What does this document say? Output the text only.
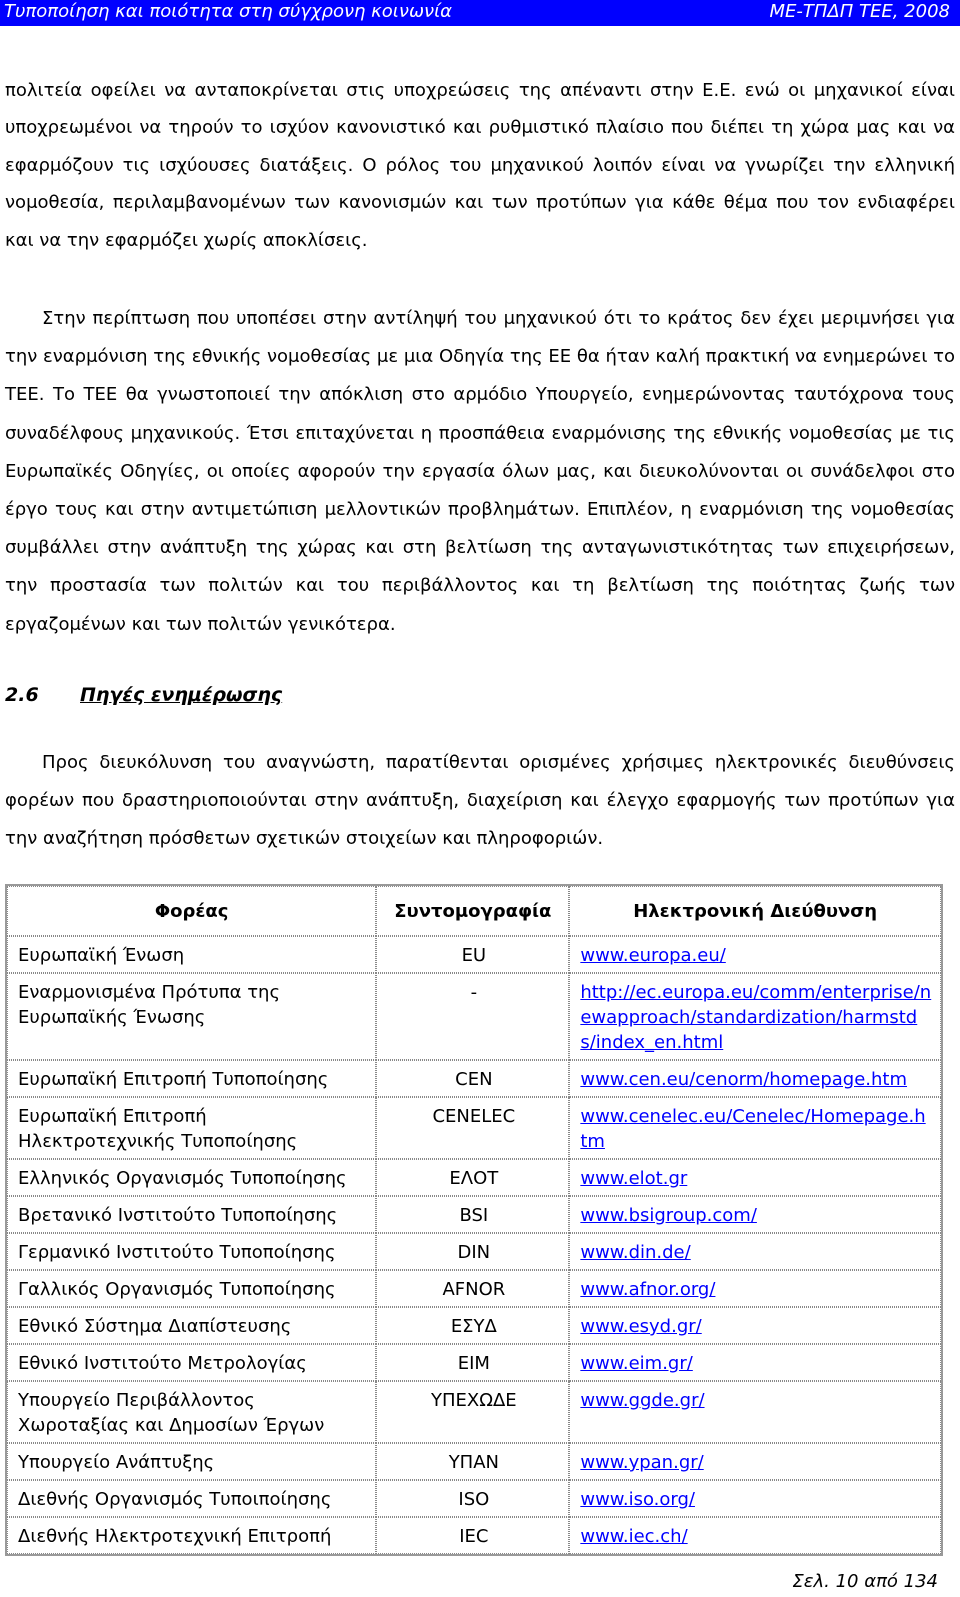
Τυποποίηση και ποιότητα στη σύγχρονη κοινωνία	ΜΕ-ΤΠΔΠ ΤΕΕ, 2008

πολιτεία οφείλει να ανταποκρίνεται στις υποχρεώσεις της απέναντι στην Ε.Ε. ενώ οι μηχανικοί είναι υποχρεωμένοι να τηρούν το ισχύον κανονιστικό και ρυθμιστικό πλαίσιο που διέπει τη χώρα μας και να εφαρμόζουν τις ισχύουσες διατάξεις. Ο ρόλος του μηχανικού λοιπόν είναι να γνωρίζει την ελληνική νομοθεσία, περιλαμβανομένων των κανονισμών και των προτύπων για κάθε θέμα που τον ενδιαφέρει και να την εφαρμόζει χωρίς αποκλίσεις.

Στην περίπτωση που υποπέσει στην αντίληψή του μηχανικού ότι το κράτος δεν έχει μεριμνήσει για την εναρμόνιση της εθνικής νομοθεσίας με μια Οδηγία της ΕΕ θα ήταν καλή πρακτική να ενημερώνει το ΤΕΕ. Το ΤΕΕ θα γνωστοποιεί την απόκλιση στο αρμόδιο Υπουργείο, ενημερώνοντας ταυτόχρονα τους συναδέλφους μηχανικούς. Έτσι επιταχύνεται η προσπάθεια εναρμόνισης της εθνικής νομοθεσίας με τις Ευρωπαϊκές Οδηγίες, οι οποίες αφορούν την εργασία όλων μας, και διευκολύνονται οι συνάδελφοι στο έργο τους και στην αντιμετώπιση μελλοντικών προβλημάτων. Επιπλέον, η εναρμόνιση της νομοθεσίας συμβάλλει στην ανάπτυξη της χώρας και στη βελτίωση της ανταγωνιστικότητας των επιχειρήσεων, την προστασία των πολιτών και του περιβάλλοντος και τη βελτίωση της ποιότητας ζωής των εργαζομένων και των πολιτών γενικότερα.

2.6 Πηγές ενημέρωσης

Προς διευκόλυνση του αναγνώστη, παρατίθενται ορισμένες χρήσιμες ηλεκτρονικές διευθύνσεις φορέων που δραστηριοποιούνται στην ανάπτυξη, διαχείριση και έλεγχο εφαρμογής των προτύπων για την αναζήτηση πρόσθετων σχετικών στοιχείων και πληροφοριών.

Φορέας	Συντομογραφία	Ηλεκτρονική Διεύθυνση
Ευρωπαϊκή Ένωση	EU	www.europa.eu/
Εναρμονισμένα Πρότυπα της Ευρωπαϊκής Ένωσης	-	http://ec.europa.eu/comm/enterprise/newapproach/standardization/harmstds/index_en.html
Ευρωπαϊκή Επιτροπή Τυποποίησης	CEN	www.cen.eu/cenorm/homepage.htm
Ευρωπαϊκή Επιτροπή Ηλεκτροτεχνικής Τυποποίησης	CENELEC	www.cenelec.eu/Cenelec/Homepage.htm
Ελληνικός Οργανισμός Τυποποίησης	ΕΛΟΤ	www.elot.gr
Βρετανικό Ινστιτούτο Τυποποίησης	BSI	www.bsigroup.com/
Γερμανικό Ινστιτούτο Τυποποίησης	DIN	www.din.de/
Γαλλικός Οργανισμός Τυποποίησης	AFNOR	www.afnor.org/
Εθνικό Σύστημα Διαπίστευσης	ΕΣΥΔ	www.esyd.gr/
Εθνικό Ινστιτούτο Μετρολογίας	ΕΙΜ	www.eim.gr/
Υπουργείο Περιβάλλοντος Χωροταξίας και Δημοσίων Έργων	ΥΠΕΧΩΔΕ	www.ggde.gr/
Υπουργείο Ανάπτυξης	ΥΠΑΝ	www.ypan.gr/
Διεθνής Οργανισμός Τυποιποίησης	ISO	www.iso.org/
Διεθνής Ηλεκτροτεχνική Επιτροπή	IEC	www.iec.ch/
Σελ. 10 από 134
